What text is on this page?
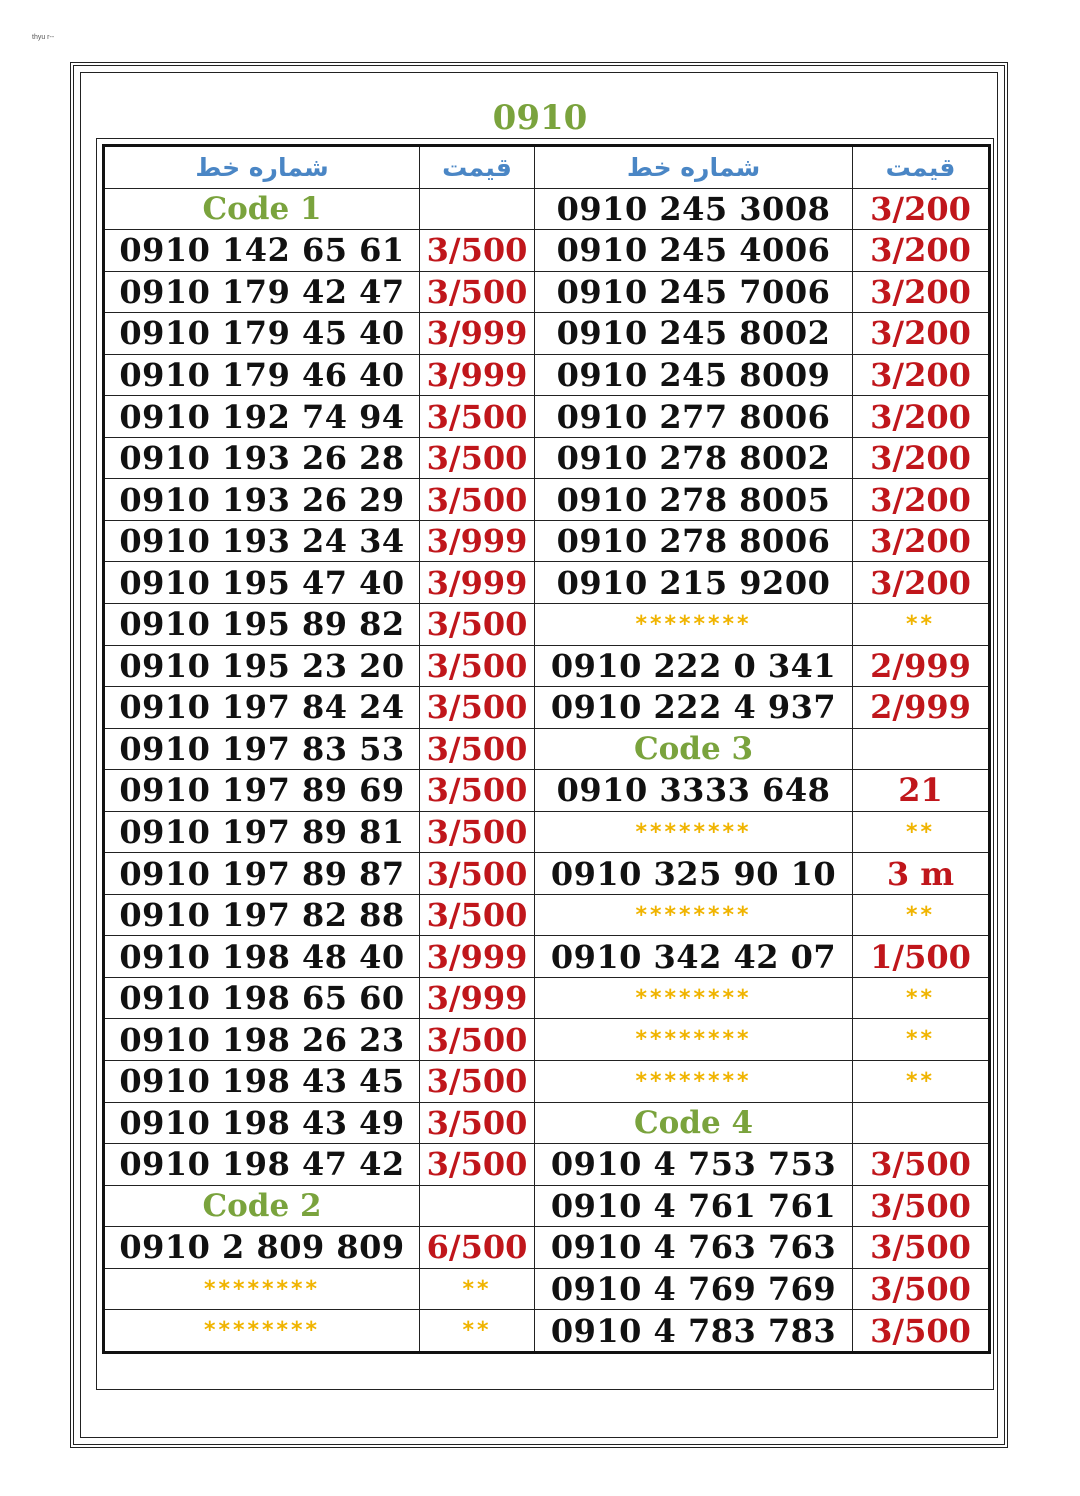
thyu r--
0910
شماره خط	قیمت	شماره خط	قیمت
Code 1		0910 245 3008	3/200
0910 142 65 61	3/500	0910 245 4006	3/200
0910 179 42 47	3/500	0910 245 7006	3/200
0910 179 45 40	3/999	0910 245 8002	3/200
0910 179 46 40	3/999	0910 245 8009	3/200
0910 192 74 94	3/500	0910 277 8006	3/200
0910 193 26 28	3/500	0910 278 8002	3/200
0910 193 26 29	3/500	0910 278 8005	3/200
0910 193 24 34	3/999	0910 278 8006	3/200
0910 195 47 40	3/999	0910 215 9200	3/200
0910 195 89 82	3/500	********	**
0910 195 23 20	3/500	0910 222 0 341	2/999
0910 197 84 24	3/500	0910 222 4 937	2/999
0910 197 83 53	3/500	Code 3	
0910 197 89 69	3/500	0910 3333 648	21
0910 197 89 81	3/500	********	**
0910 197 89 87	3/500	0910 325 90 10	3 m
0910 197 82 88	3/500	********	**
0910 198 48 40	3/999	0910 342 42 07	1/500
0910 198 65 60	3/999	********	**
0910 198 26 23	3/500	********	**
0910 198 43 45	3/500	********	**
0910 198 43 49	3/500	Code 4	
0910 198 47 42	3/500	0910 4 753 753	3/500
Code 2		0910 4 761 761	3/500
0910 2 809 809	6/500	0910 4 763 763	3/500
********	**	0910 4 769 769	3/500
********	**	0910 4 783 783	3/500
